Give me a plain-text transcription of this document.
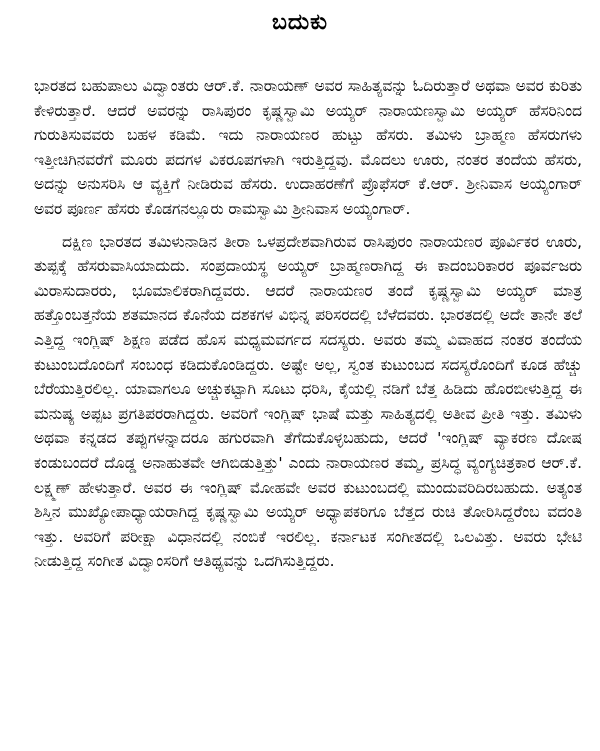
ಬದುಕು

ಭಾರತದ ಬಹುಪಾಲು ವಿದ್ವಾಂತರು ಆರ್.ಕೆ. ನಾರಾಯಣ್ ಅವರ ಸಾಹಿತ್ಯವನ್ನು ಓದಿರುತ್ತಾರೆ ಅಥವಾ ಅವರ ಕುರಿತು ಕೇಳಿರುತ್ತಾರೆ. ಆದರೆ ಅವರನ್ನು ರಾಸಿಪುರಂ ಕೃಷ್ಣಸ್ವಾಮಿ ಅಯ್ಯರ್ ನಾರಾಯಣಸ್ವಾಮಿ ಅಯ್ಯರ್ ಹೆಸರಿನಿಂದ ಗುರುತಿಸುವವರು ಬಹಳ ಕಡಿಮೆ. ಇದು ನಾರಾಯಣರ ಹುಟ್ಟು ಹೆಸರು. ತಮಿಳು ಬ್ರಾಹ್ಮಣ ಹೆಸರುಗಳು ಇತ್ತೀಚಿಗಿನವರೆಗೆ ಮೂರು ಪದಗಳ ವಿಕರೂಪಗಳಾಗಿ ಇರುತ್ತಿದ್ದವು. ಮೊದಲು ಊರು, ನಂತರ ತಂದೆಯ ಹೆಸರು, ಅದನ್ನು ಅನುಸರಿಸಿ ಆ ವ್ಯಕ್ತಿಗೆ ನೀಡಿರುವ ಹೆಸರು. ಉದಾಹರಣೆಗೆ ಪ್ರೊಫೆಸರ್ ಕೆ.ಆರ್. ಶ್ರೀನಿವಾಸ ಅಯ್ಯಂಗಾರ್ ಅವರ ಪೂರ್ಣ ಹೆಸರು ಕೊಡಗನಲ್ಲೂರು ರಾಮಸ್ವಾಮಿ ಶ್ರೀನಿವಾಸ ಅಯ್ಯಂಗಾರ್.

ದಕ್ಷಿಣ ಭಾರತದ ತಮಿಳುನಾಡಿನ ತೀರಾ ಒಳಪ್ರದೇಶವಾಗಿರುವ ರಾಸಿಪುರಂ ನಾರಾಯಣರ ಪೂರ್ವಿಕರ ಊರು, ತುಪ್ಪಕ್ಕೆ ಹೆಸರುವಾಸಿಯಾದುದು. ಸಂಪ್ರದಾಯಸ್ಥ ಅಯ್ಯರ್ ಬ್ರಾಹ್ಮಣರಾಗಿದ್ದ ಈ ಕಾದಂಬರಿಕಾರರ ಪೂರ್ವಜರು ಮಿರಾಸುದಾರರು, ಭೂಮಾಲಿಕರಾಗಿದ್ದವರು. ಆದರೆ ನಾರಾಯಣರ ತಂದೆ ಕೃಷ್ಣಸ್ವಾಮಿ ಅಯ್ಯರ್ ಮಾತ್ರ ಹತ್ತೊಂಬತ್ತನೆಯ ಶತಮಾನದ ಕೊನೆಯ ದಶಕಗಳ ವಿಭಿನ್ನ ಪರಿಸರದಲ್ಲಿ ಬೆಳೆದವರು. ಭಾರತದಲ್ಲಿ ಅದೇ ತಾನೇ ತಲೆ ಎತ್ತಿದ್ದ ಇಂಗ್ಲಿಷ್ ಶಿಕ್ಷಣ ಪಡೆದ ಹೊಸ ಮಧ್ಯಮವರ್ಗದ ಸದಸ್ಯರು. ಅವರು ತಮ್ಮ ವಿವಾಹದ ನಂತರ ತಂದೆಯ ಕುಟುಂಬದೊಂದಿಗೆ ಸಂಬಂಧ ಕಡಿದುಕೊಂಡಿದ್ದರು. ಅಷ್ಟೇ ಅಲ್ಲ, ಸ್ವಂತ ಕುಟುಂಬದ ಸದಸ್ಯರೊಂದಿಗೆ ಕೂಡ ಹೆಚ್ಚು ಬೆರೆಯುತ್ತಿರಲಿಲ್ಲ. ಯಾವಾಗಲೂ ಅಚ್ಚುಕಟ್ಟಾಗಿ ಸೂಟು ಧರಿಸಿ, ಕೈಯಲ್ಲಿ ನಡಿಗೆ ಬೆತ್ತ ಹಿಡಿದು ಹೊರಬೀಳುತ್ತಿದ್ದ ಈ ಮನುಷ್ಯ ಅಪ್ಪಟ ಪ್ರಗತಿಪರರಾಗಿದ್ದರು. ಅವರಿಗೆ ಇಂಗ್ಲಿಷ್ ಭಾಷೆ ಮತ್ತು ಸಾಹಿತ್ಯದಲ್ಲಿ ಅತೀವ ಪ್ರೀತಿ ಇತ್ತು. ತಮಿಳು ಅಥವಾ ಕನ್ನಡದ ತಪ್ಪುಗಳನ್ನಾದರೂ ಹಗುರವಾಗಿ ತೆಗೆದುಕೊಳ್ಳಬಹುದು, ಆದರೆ 'ಇಂಗ್ಲಿಷ್ ವ್ಯಾಕರಣ ದೋಷ ಕಂಡುಬಂದರೆ ದೊಡ್ಡ ಅನಾಹುತವೇ ಆಗಿಬಿಡುತ್ತಿತ್ತು' ಎಂದು ನಾರಾಯಣರ ತಮ್ಮ, ಪ್ರಸಿದ್ಧ ವ್ಯಂಗ್ಯಚಿತ್ರಕಾರ ಆರ್.ಕೆ. ಲಕ್ಷ್ಮಣ್ ಹೇಳುತ್ತಾರೆ. ಅವರ ಈ ಇಂಗ್ಲಿಷ್ ಮೋಹವೇ ಅವರ ಕುಟುಂಬದಲ್ಲಿ ಮುಂದುವರಿದಿರಬಹುದು. ಅತ್ಯಂತ ಶಿಸ್ತಿನ ಮುಖ್ಯೋಪಾಧ್ಯಾಯರಾಗಿದ್ದ ಕೃಷ್ಣಸ್ವಾಮಿ ಅಯ್ಯರ್ ಅಧ್ಯಾಪಕರಿಗೂ ಬೆತ್ತದ ರುಚಿ ತೋರಿಸಿದ್ದರೆಂಬ ವದಂತಿ ಇತ್ತು. ಅವರಿಗೆ ಪರೀಕ್ಷಾ ವಿಧಾನದಲ್ಲಿ ನಂಬಿಕೆ ಇರಲಿಲ್ಲ. ಕರ್ನಾಟಕ ಸಂಗೀತದಲ್ಲಿ ಒಲವಿತ್ತು. ಅವರು ಭೇಟಿ ನೀಡುತ್ತಿದ್ದ ಸಂಗೀತ ವಿದ್ವಾಂಸರಿಗೆ ಆತಿಥ್ಯವನ್ನು ಒದಗಿಸುತ್ತಿದ್ದರು.
